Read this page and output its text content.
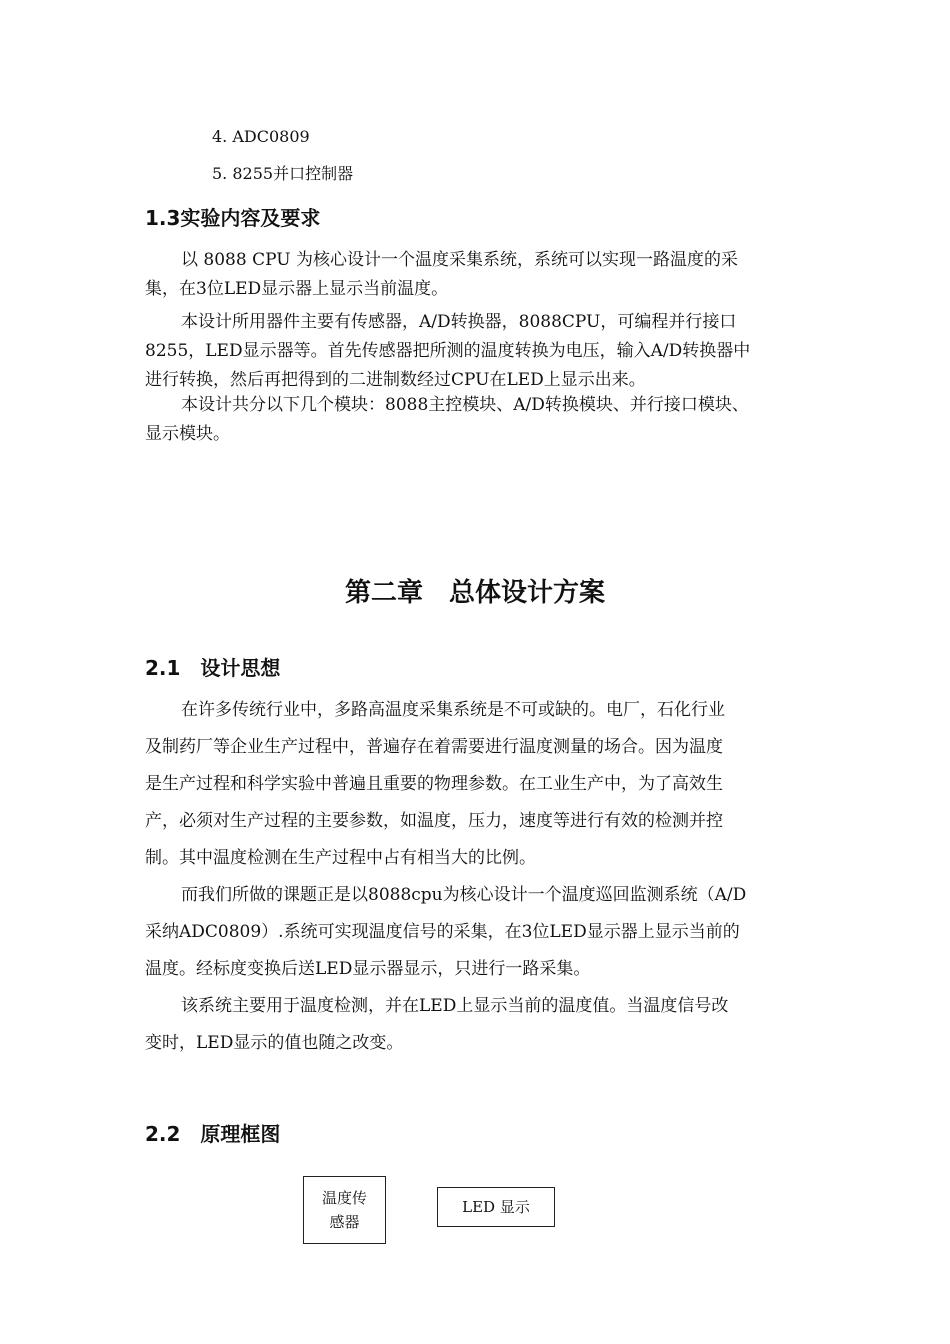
4. ADC0809

5. 8255并口控制器

1.3实验内容及要求
以 8088 CPU 为核心设计一个温度采集系统，系统可以实现一路温度的采
集，在3位LED显示器上显示当前温度。
本设计所用器件主要有传感器，A/D转换器，8088CPU，可编程并行接口
8255，LED显示器等。首先传感器把所测的温度转换为电压，输入A/D转换器中
进行转换，然后再把得到的二进制数经过CPU在LED上显示出来。
本设计共分以下几个模块：8088主控模块、A/D转换模块、并行接口模块、
显示模块。
第二章　总体设计方案
2.1　设计思想
在许多传统行业中，多路高温度采集系统是不可或缺的。电厂，石化行业
及制药厂等企业生产过程中，普遍存在着需要进行温度测量的场合。因为温度
是生产过程和科学实验中普遍且重要的物理参数。在工业生产中，为了高效生
产，必须对生产过程的主要参数，如温度，压力，速度等进行有效的检测并控
制。其中温度检测在生产过程中占有相当大的比例。
而我们所做的课题正是以8088cpu为核心设计一个温度巡回监测系统（A/D
采纳ADC0809）.系统可实现温度信号的采集，在3位LED显示器上显示当前的
温度。经标度变换后送LED显示器显示，只进行一路采集。
该系统主要用于温度检测，并在LED上显示当前的温度值。当温度信号改
变时，LED显示的值也随之改变。
2.2　原理框图
温度传
感器
LED 显示
